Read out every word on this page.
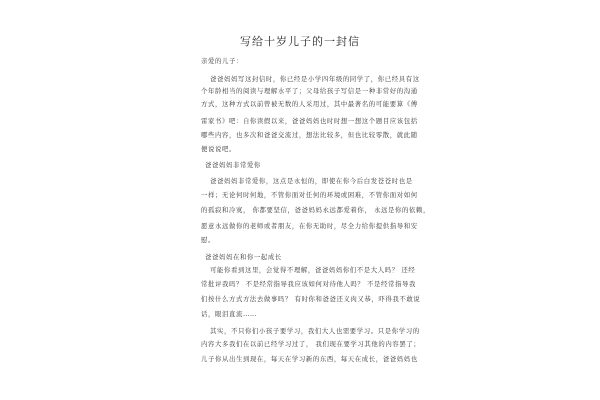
写给十岁儿子的一封信
亲爱的儿子：
爸爸妈妈写这封信时，你已经是小学四年级的同学了，你已经具有这
个年龄相当的阅读与理解水平了；父母给孩子写信是一种非常好的沟通
方式，这种方式以前曾被无数的人采用过，其中最著名的可能要算《傅
雷家书》吧：自你读假以来，爸爸妈妈也时时想一想这个题目应该包括
哪些内容，也多次和爸爸交流过，想法比较多，但也比较零散，就此随
便说说吧。
爸爸妈妈非常爱你
爸爸妈妈非常爱你，这点是永恒的，即使在你今后白发苍苍时也是
一样；无论何时何地，不管你面对任何的环境或困难，不管你面对如何
的孤寂和冷寞， 你都要坚信，爸爸妈妈永远都爱着你， 永远是你的依赖，
愿意永远做你的老师或者朋友，在你无助时，尽全力给你提供指导和安
慰。
爸爸妈妈在和你一起成长
可能你看到这里，会觉得不理解，爸爸妈妈你们不是大人吗？ 还经
常批评我吗？ 不是经常指导我应该如何对待他人吗？ 不是经常指导我
们按什么方式方法去做事吗？ 有时你和爸爸还义肉又恭，吓得我不敢说
话，眼泪直流……
其实，不只你们小孩子要学习，我们大人也需要学习。只是你学习的
内容大多我们在以前已经学习过了， 我们现在要学习其他的内容罢了；
儿子你从出生到现在，每天在学习新的东西，每天在成长，爸爸妈妈也
